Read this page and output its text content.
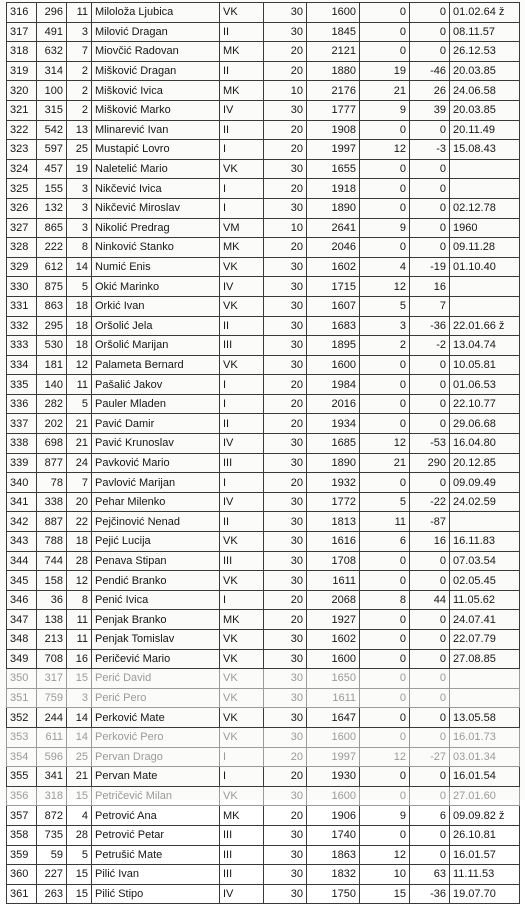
316	296	11	Miloloža Ljubica	VK	30	1600	0	0	01.02.64 ž
317	491	3	Milović Dragan	II	30	1845	0	0	08.11.57
318	632	7	Miovčić Radovan	MK	20	2121	0	0	26.12.53
319	314	2	Mišković Dragan	II	20	1880	19	-46	20.03.85
320	100	2	Mišković Ivica	MK	10	2176	21	26	24.06.58
321	315	2	Mišković Marko	IV	30	1777	9	39	20.03.85
322	542	13	Mlinarević Ivan	II	20	1908	0	0	20.11.49
323	597	25	Mustapić Lovro	I	20	1997	12	-3	15.08.43
324	457	19	Naletelić Mario	VK	30	1655	0	0	
325	155	3	Nikčević Ivica	I	20	1918	0	0	
326	132	3	Nikčević Miroslav	I	30	1890	0	0	02.12.78
327	865	3	Nikolić Predrag	VM	10	2641	9	0	1960
328	222	8	Ninković Stanko	MK	20	2046	0	0	09.11.28
329	612	14	Numić Enis	VK	30	1602	4	-19	01.10.40
330	875	5	Okić Marinko	IV	30	1715	12	16	
331	863	18	Orkić Ivan	VK	30	1607	5	7	
332	295	18	Oršolić Jela	II	30	1683	3	-36	22.01.66 ž
333	530	18	Oršolić Marijan	III	30	1895	2	-2	13.04.74
334	181	12	Palameta Bernard	VK	30	1600	0	0	10.05.81
335	140	11	Pašalić Jakov	I	20	1984	0	0	01.06.53
336	282	5	Pauler Mladen	I	20	2016	0	0	22.10.77
337	202	21	Pavić Damir	II	20	1934	0	0	29.06.68
338	698	21	Pavić Krunoslav	IV	30	1685	12	-53	16.04.80
339	877	24	Pavković Mario	III	30	1890	21	290	20.12.85
340	78	7	Pavlović Marijan	I	20	1932	0	0	09.09.49
341	338	20	Pehar Milenko	IV	30	1772	5	-22	24.02.59
342	887	22	Pejčinović Nenad	II	30	1813	11	-87	
343	788	18	Pejić Lucija	VK	30	1616	6	16	16.11.83
344	744	28	Penava Stipan	III	30	1708	0	0	07.03.54
345	158	12	Pendić Branko	VK	30	1611	0	0	02.05.45
346	36	8	Penić Ivica	I	20	2068	8	44	11.05.62
347	138	11	Penjak Branko	MK	20	1927	0	0	24.07.41
348	213	11	Penjak Tomislav	VK	30	1602	0	0	22.07.79
349	708	16	Peričević Mario	VK	30	1600	0	0	27.08.85
350	317	15	Perić David	VK	30	1650	0	0	
351	759	3	Perić Pero	VK	30	1611	0	0	
352	244	14	Perković Mate	VK	30	1647	0	0	13.05.58
353	611	14	Perković Pero	VK	30	1600	0	0	16.01.73
354	596	25	Pervan Drago	I	20	1997	12	-27	03.01.34
355	341	21	Pervan Mate	I	20	1930	0	0	16.01.54
356	318	15	Petričević Milan	VK	30	1600	0	0	27.01.60
357	872	4	Petrović Ana	MK	20	1906	9	6	09.09.82 ž
358	735	28	Petrović Petar	III	30	1740	0	0	26.10.81
359	59	5	Petrušić Mate	III	30	1863	12	0	16.01.57
360	227	15	Pilić Ivan	III	30	1832	10	63	11.11.53
361	263	15	Pilić Stipo	IV	30	1750	15	-36	19.07.70
